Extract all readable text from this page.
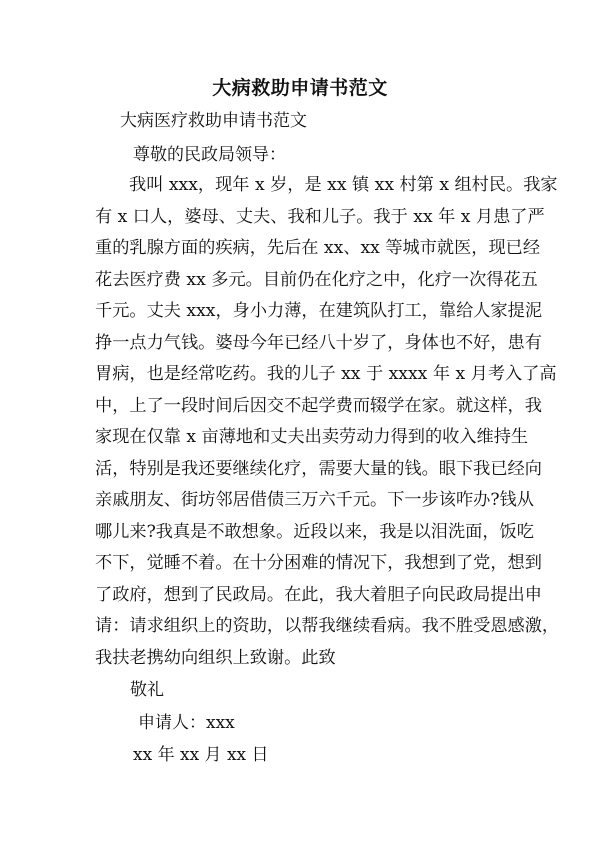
大病救助申请书范文
大病医疗救助申请书范文
尊敬的民政局领导：
我叫 xxx，现年 x 岁，是 xx 镇 xx 村第 x 组村民。我家
有 x 口人，婆母、丈夫、我和儿子。我于 xx 年 x 月患了严
重的乳腺方面的疾病，先后在 xx、xx 等城市就医，现已经
花去医疗费 xx 多元。目前仍在化疗之中，化疗一次得花五
千元。丈夫 xxx，身小力薄，在建筑队打工，靠给人家提泥
挣一点力气钱。婆母今年已经八十岁了，身体也不好，患有
胃病，也是经常吃药。我的儿子 xx 于 xxxx 年 x 月考入了高
中，上了一段时间后因交不起学费而辍学在家。就这样，我
家现在仅靠 x 亩薄地和丈夫出卖劳动力得到的收入维持生
活，特别是我还要继续化疗，需要大量的钱。眼下我已经向
亲戚朋友、街坊邻居借债三万六千元。下一步该咋办?钱从
哪儿来?我真是不敢想象。近段以来，我是以泪洗面，饭吃
不下，觉睡不着。在十分困难的情况下，我想到了党，想到
了政府，想到了民政局。在此，我大着胆子向民政局提出申
请：请求组织上的资助，以帮我继续看病。我不胜受恩感激，
我扶老携幼向组织上致谢。此致
敬礼
申请人：xxx
xx 年 xx 月 xx 日
